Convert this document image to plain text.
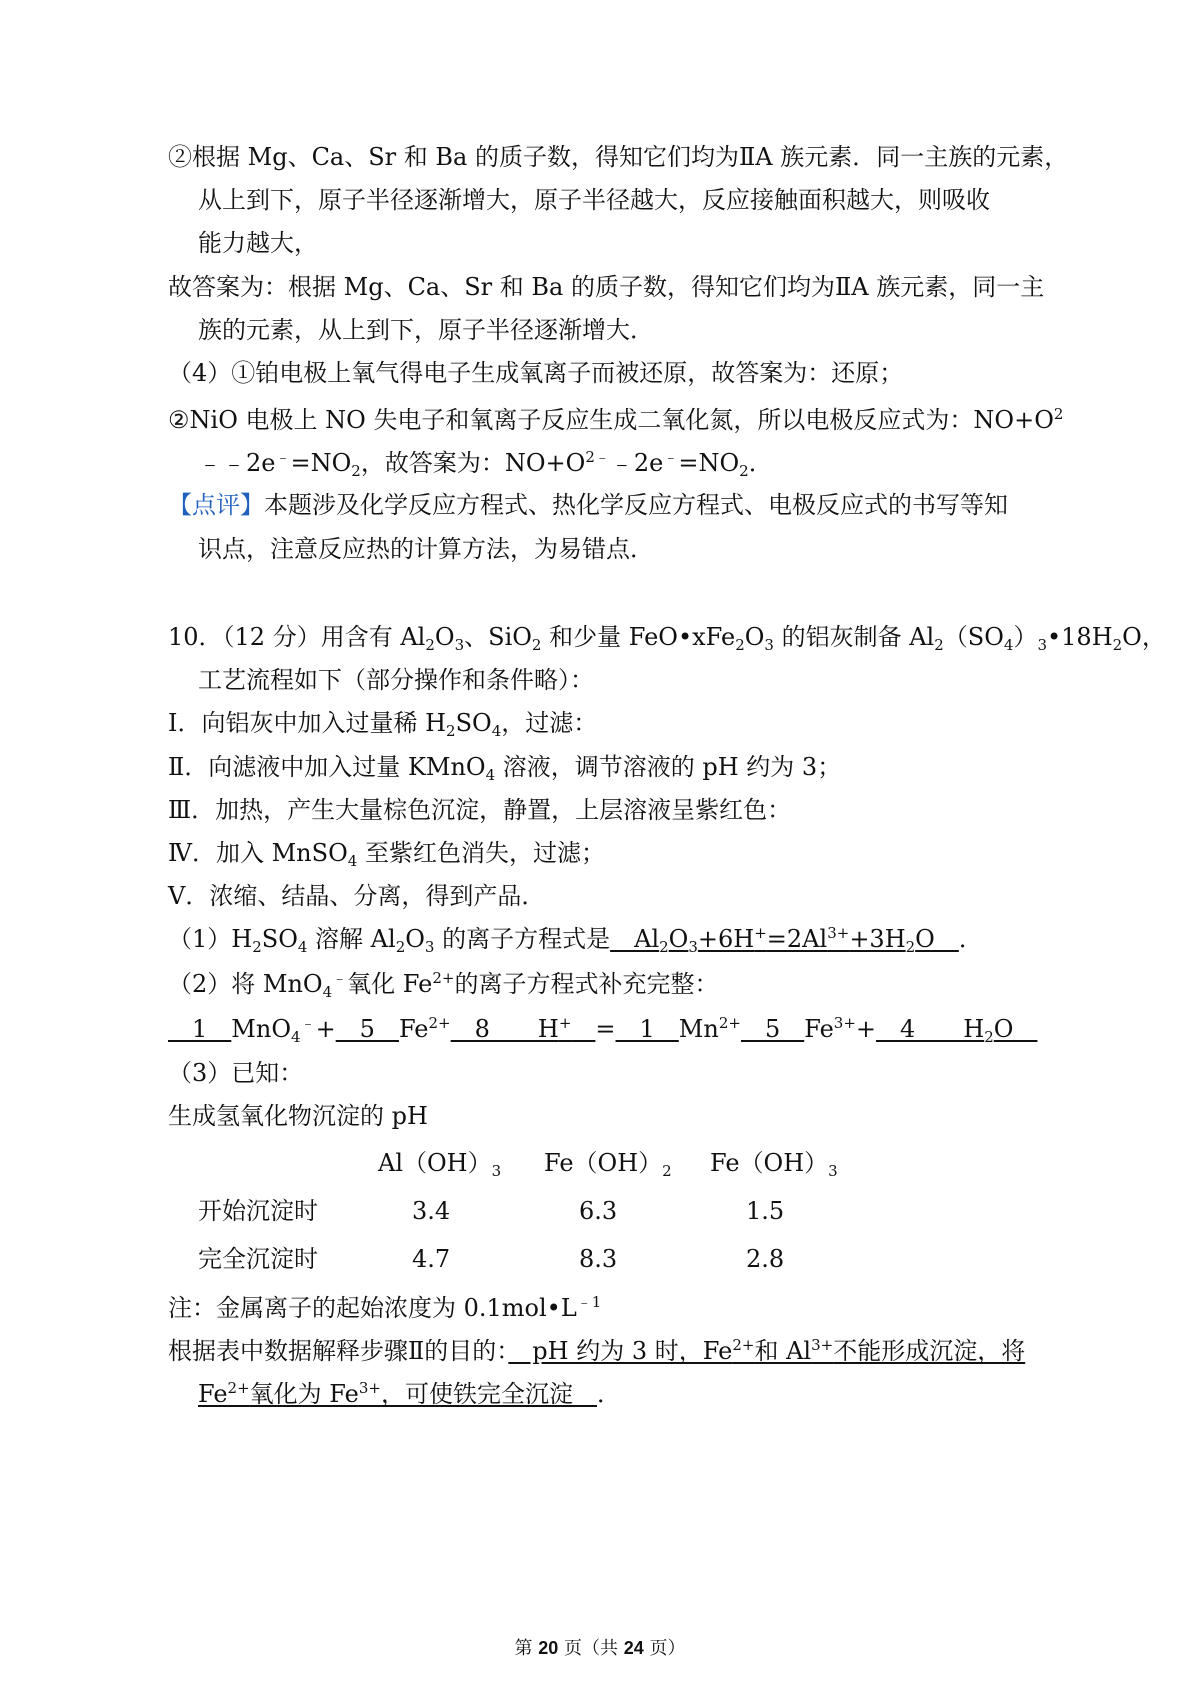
②根据 Mg、Ca、Sr 和 Ba 的质子数，得知它们均为ⅡA 族元素．同一主族的元素，
从上到下，原子半径逐渐增大，原子半径越大，反应接触面积越大，则吸收
能力越大，
故答案为：根据 Mg、Ca、Sr 和 Ba 的质子数，得知它们均为ⅡA 族元素，同一主
族的元素，从上到下，原子半径逐渐增大．
（4）①铂电极上氧气得电子生成氧离子而被还原，故答案为：还原；
②NiO 电极上 NO 失电子和氧离子反应生成二氧化氮，所以电极反应式为：$NO+O^2$
$﹣﹣2e^﹣=NO_2$，故答案为：$NO+O^{2﹣}﹣2e^﹣=NO_2$．
【点评】本题涉及化学反应方程式、热化学反应方程式、电极反应式的书写等知
识点，注意反应热的计算方法，为易错点．
10．（12 分）用含有 $Al_2O_3$、SiO$_2$ 和少量 $FeO•xFe_2O_3$ 的铝灰制备 $Al_2(SO_4)_3•18H_2O$，
工艺流程如下（部分操作和条件略）：
Ⅰ．向铝灰中加入过量稀 $H_2SO_4$，过滤：
Ⅱ．向滤液中加入过量 KMnO$_4$ 溶液，调节溶液的 pH 约为 3；
Ⅲ．加热，产生大量棕色沉淀，静置，上层溶液呈紫红色：
Ⅳ．加入 MnSO$_4$ 至紫红色消失，过滤；
Ⅴ．浓缩、结晶、分离，得到产品．
$(1)H_2SO_4$ 溶解 $Al_2O_3$ 的离子方程式是　$Al_2O_3+6H^+=2Al^{3+}+3H_2O$　．
（2）将 MnO$_4$﹣氧化 $Fe^{2+}$的离子方程式补充完整：
　1　MnO$_4$﹣+　5　$Fe^{2+}$　8　　H+　 =　1　$Mn^{2+}$　5　$Fe^{3+}+$　4　　$H_2O$　
（3）已知：
生成氢氧化物沉淀的 pH
$Al(OH)_3$ $Fe(OH)_2$ $Fe(OH)_3$
开始沉淀时	3.4	6.3	1.5
完全沉淀时	4.7	8.3	2.8
注：金属离子的起始浓度为 $0.1mol•L^{﹣1}$
根据表中数据解释步骤Ⅱ的目的：　pH 约为 3 时，$Fe^{2+}$和 $Al^{3+}$不能形成沉淀，将
$Fe^{2+}$氧化为 $Fe^{3+}$，可使铁完全沉淀　．
第 20 页（共 24 页）
